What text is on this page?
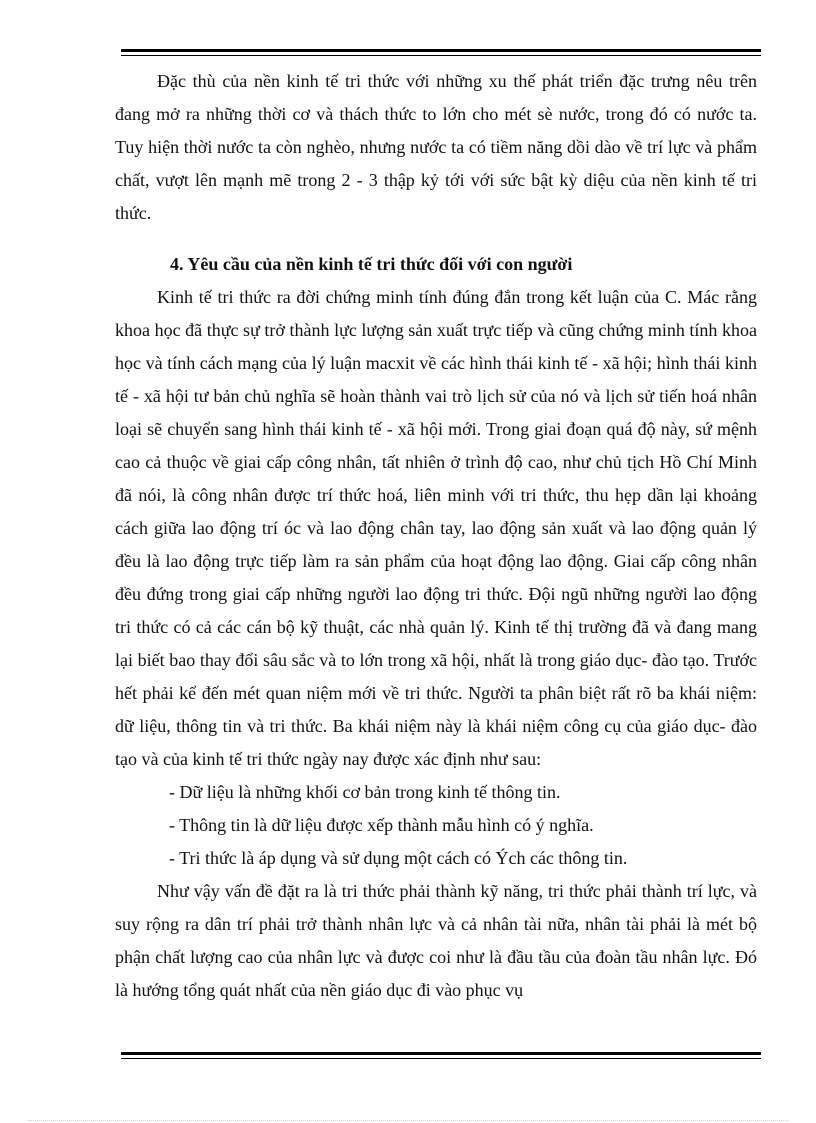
Đặc thù của nền kinh tế tri thức với những xu thế phát triển đặc trưng nêu trên đang mở ra những thời cơ và thách thức to lớn cho mét sè nước, trong đó có nước ta. Tuy hiện thời nước ta còn nghèo, nhưng nước ta có tiềm năng dồi dào về trí lực và phẩm chất, vượt lên mạnh mẽ trong 2 - 3 thập kỷ tới với sức bật kỳ diệu của nền kinh tế tri thức.

4. Yêu cầu của nền kinh tế tri thức đối với con người

Kinh tế tri thức ra đời chứng minh tính đúng đắn trong kết luận của C. Mác rằng khoa học đã thực sự trở thành lực lượng sản xuất trực tiếp và cũng chứng minh tính khoa học và tính cách mạng của lý luận macxit về các hình thái kinh tế - xã hội; hình thái kinh tế - xã hội tư bản chủ nghĩa sẽ hoàn thành vai trò lịch sử của nó và lịch sử tiến hoá nhân loại sẽ chuyển sang hình thái kinh tế - xã hội mới. Trong giai đoạn quá độ này, sứ mệnh cao cả thuộc về giai cấp công nhân, tất nhiên ở trình độ cao, như chủ tịch Hồ Chí Minh đã nói, là công nhân được trí thức hoá, liên minh với tri thức, thu hẹp dần lại khoảng cách giữa lao động trí óc và lao động chân tay, lao động sản xuất và lao động quản lý đều là lao động trực tiếp làm ra sản phẩm của hoạt động lao động. Giai cấp công nhân đều đứng trong giai cấp những người lao động tri thức. Đội ngũ những người lao động tri thức có cả các cán bộ kỹ thuật, các nhà quản lý. Kinh tế thị trường đã và đang mang lại biết bao thay đổi sâu sắc và to lớn trong xã hội, nhất là trong giáo dục- đào tạo. Trước hết phải kể đến mét quan niệm mới về tri thức. Người ta phân biệt rất rõ ba khái niệm: dữ liệu, thông tin và tri thức. Ba khái niệm này là khái niệm công cụ của giáo dục- đào tạo và của kinh tế tri thức ngày nay được xác định như sau:

- Dữ liệu là những khối cơ bản trong kinh tế thông tin.

- Thông tin là dữ liệu được xếp thành mẫu hình có ý nghĩa.

- Tri thức là áp dụng và sử dụng một cách có Ých các thông tin.

Như vậy vấn đề đặt ra là tri thức phải thành kỹ năng, tri thức phải thành trí lực, và suy rộng ra dân trí phải trở thành nhân lực và cả nhân tài nữa, nhân tài phải là mét bộ phận chất lượng cao của nhân lực và được coi như là đầu tầu của đoàn tầu nhân lực. Đó là hướng tổng quát nhất của nền giáo dục đi vào phục vụ
